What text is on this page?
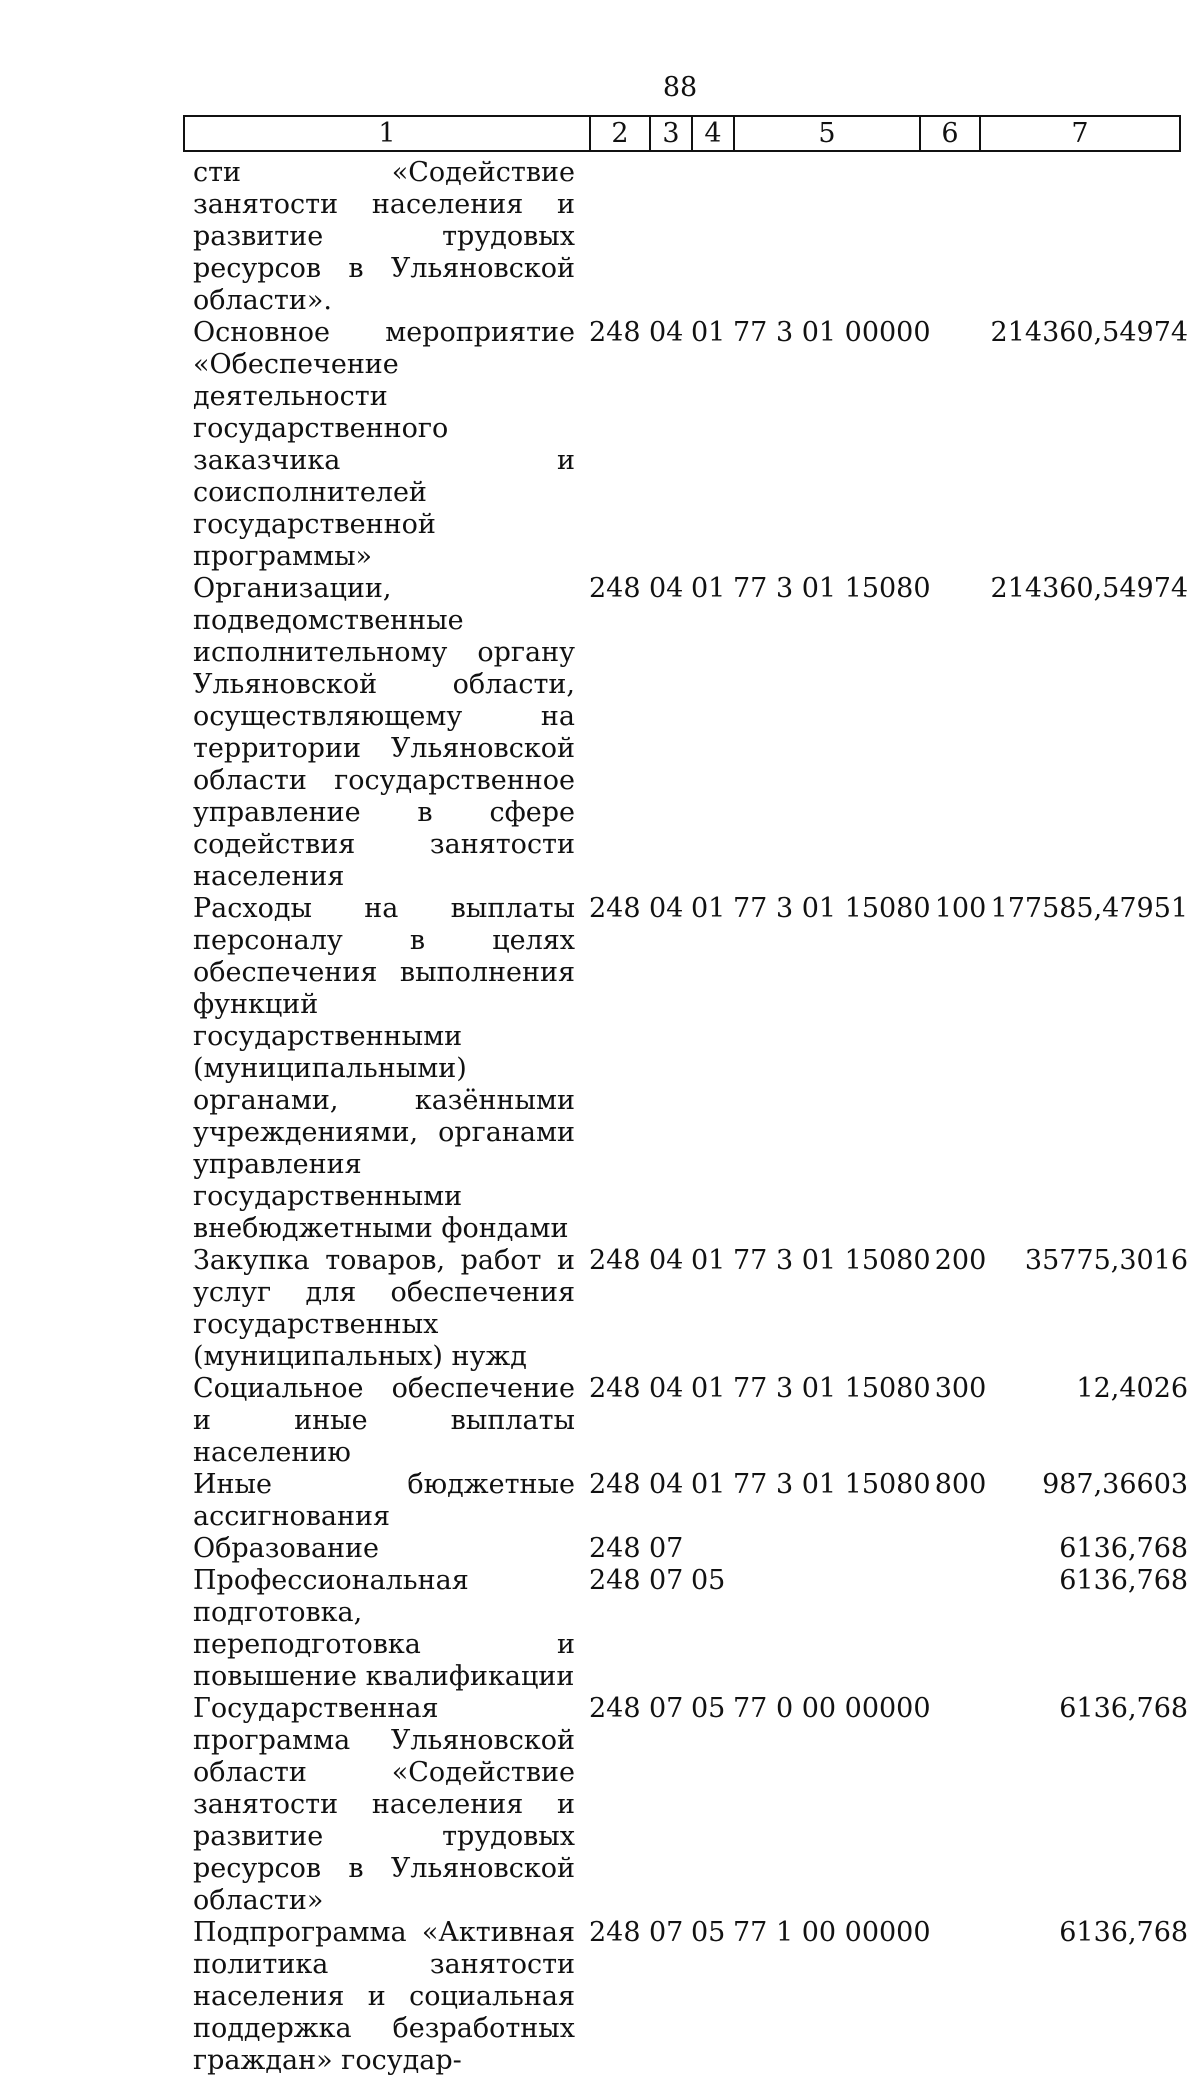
88
1	2	3	4	5	6	7
сти «Содействие занятости населения и развитие трудовых ресурсов в Ульяновской области».						
Основное мероприятие «Обеспечение деятельности государственного заказчика и соисполнителей государственной программы»	248	04	01	77 3 01 00000		214360,54974
Организации, подведомственные исполнительному органу Ульяновской области, осуществляющему на территории Ульяновской области государственное управление в сфере содействия занятости населения	248	04	01	77 3 01 15080		214360,54974
Расходы на выплаты персоналу в целях обеспечения выполнения функций государственными (муниципальными) органами, казёнными учреждениями, органами управления государственными внебюджетными фондами	248	04	01	77 3 01 15080	100	177585,47951
Закупка товаров, работ и услуг для обеспечения государственных (муниципальных) нужд	248	04	01	77 3 01 15080	200	35775,3016
Социальное обеспечение и иные выплаты населению	248	04	01	77 3 01 15080	300	12,4026
Иные бюджетные ассигнования	248	04	01	77 3 01 15080	800	987,36603
Образование	248	07				6136,768
Профессиональная подготовка, переподготовка и повышение квалификации	248	07	05			6136,768
Государственная программа Ульяновской области «Содействие занятости населения и развитие трудовых ресурсов в Ульяновской области»	248	07	05	77 0 00 00000		6136,768
Подпрограмма «Активная политика занятости населения и социальная поддержка безработных граждан» государ-	248	07	05	77 1 00 00000		6136,768
